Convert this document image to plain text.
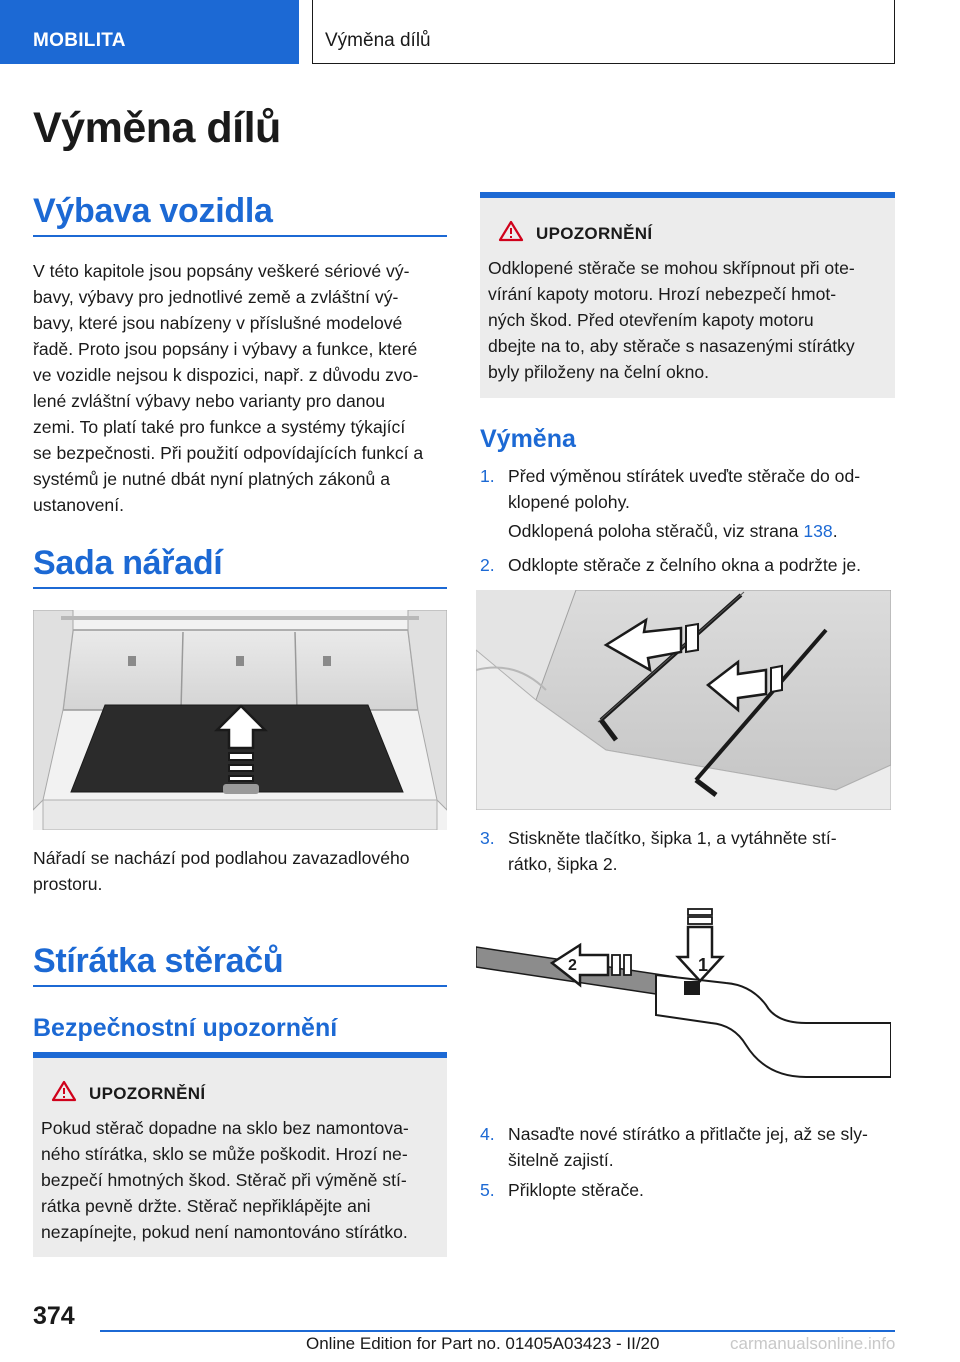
MOBILITA	Výměna dílů
Výměna dílů
Výbava vozidla
V této kapitole jsou popsány veškeré sériové vý-
bavy, výbavy pro jednotlivé země a zvláštní vý-
bavy, které jsou nabízeny v příslušné modelové
řadě. Proto jsou popsány i výbavy a funkce, které
ve vozidle nejsou k dispozici, např. z důvodu zvo-
lené zvláštní výbavy nebo varianty pro danou
zemi. To platí také pro funkce a systémy týkající
se bezpečnosti. Při použití odpovídajících funkcí a
systémů je nutné dbát nyní platných zákonů a
ustanovení.
Sada nářadí
Nářadí se nachází pod podlahou zavazadlového
prostoru.
Stírátka stěračů
Bezpečnostní upozornění
UPOZORNĚNÍ
Pokud stěrač dopadne na sklo bez namontova-
ného stírátka, sklo se může poškodit. Hrozí ne-
bezpečí hmotných škod. Stěrač při výměně stí-
rátka pevně držte. Stěrač nepřiklápějte ani
nezapínejte, pokud není namontováno stírátko.
UPOZORNĚNÍ
Odklopené stěrače se mohou skřípnout při ote-
vírání kapoty motoru. Hrozí nebezpečí hmot-
ných škod. Před otevřením kapoty motoru
dbejte na to, aby stěrače s nasazenými stírátky
byly přiloženy na čelní okno.
Výměna
1. Před výměnou stírátek uveďte stěrače do od-
klopené polohy.
Odklopená poloha stěračů, viz strana 138.
2. Odklopte stěrače z čelního okna a podržte je.
3. Stiskněte tlačítko, šipka 1, a vytáhněte stí-
rátko, šipka 2.
1
2
4. Nasaďte nové stírátko a přitlačte jej, až se sly-
šitelně zajistí.
5. Přiklopte stěrače.
374
Online Edition for Part no. 01405A03423 - II/20	carmanualsonline.info
